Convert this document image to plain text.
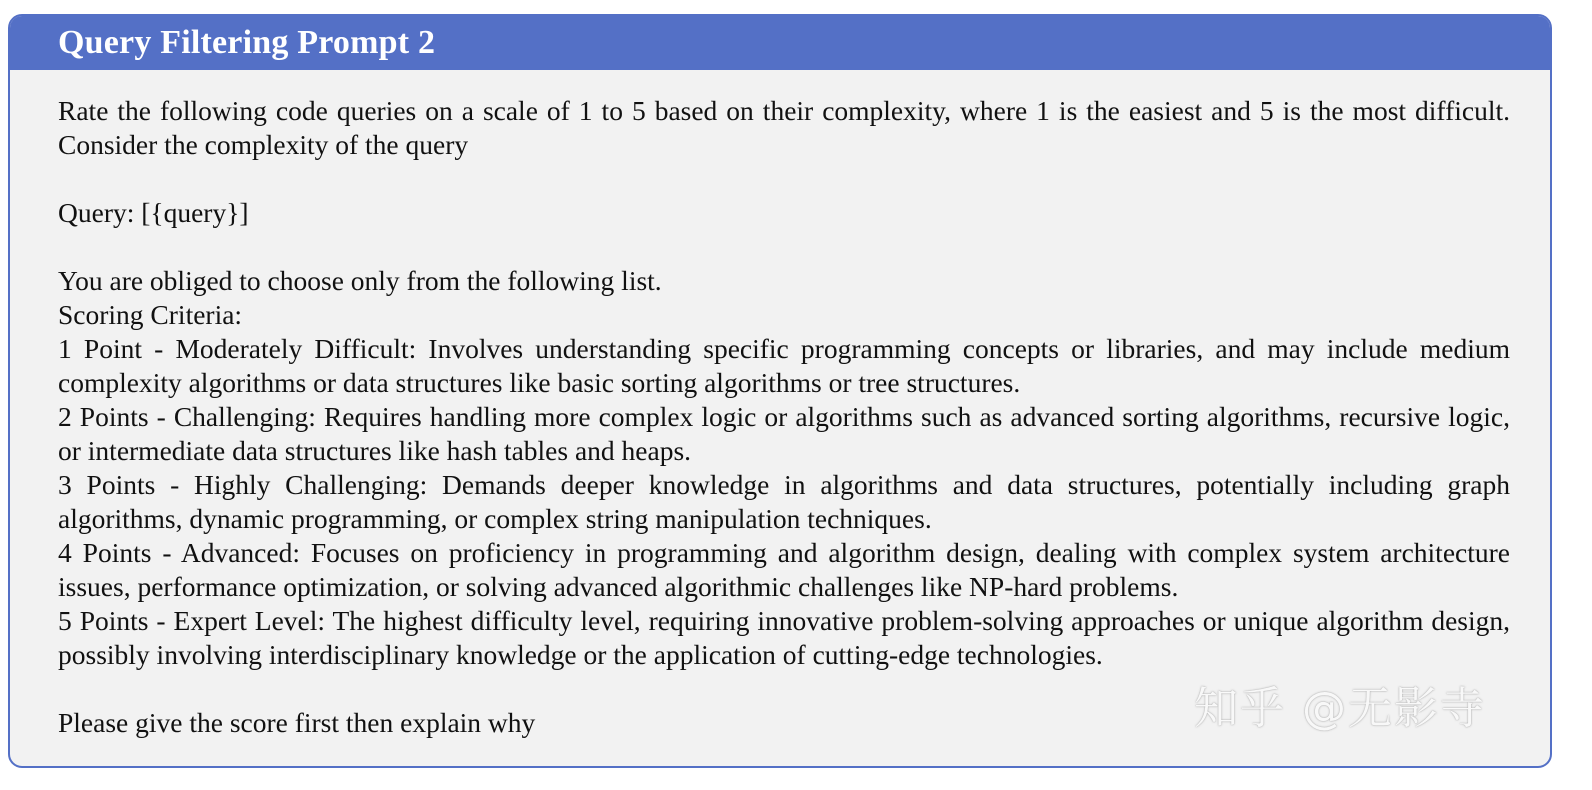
Query Filtering Prompt 2

Rate the following code queries on a scale of 1 to 5 based on their complexity, where 1 is the easiest and 5 is the most difficult. Consider the complexity of the query

Query: [{query}]

You are obliged to choose only from the following list.

Scoring Criteria:

1 Point - Moderately Difficult: Involves understanding specific programming concepts or libraries, and may include medium complexity algorithms or data structures like basic sorting algorithms or tree structures.

2 Points - Challenging: Requires handling more complex logic or algorithms such as advanced sorting algorithms, recursive logic, or intermediate data structures like hash tables and heaps.

3 Points - Highly Challenging: Demands deeper knowledge in algorithms and data structures, potentially including graph algorithms, dynamic programming, or complex string manipulation techniques.

4 Points - Advanced: Focuses on proficiency in programming and algorithm design, dealing with complex system architecture issues, performance optimization, or solving advanced algorithmic challenges like NP-hard problems.

5 Points - Expert Level: The highest difficulty level, requiring innovative problem-solving approaches or unique algorithm design, possibly involving interdisciplinary knowledge or the application of cutting-edge technologies.

Please give the score first then explain why	知乎 @无影寺
